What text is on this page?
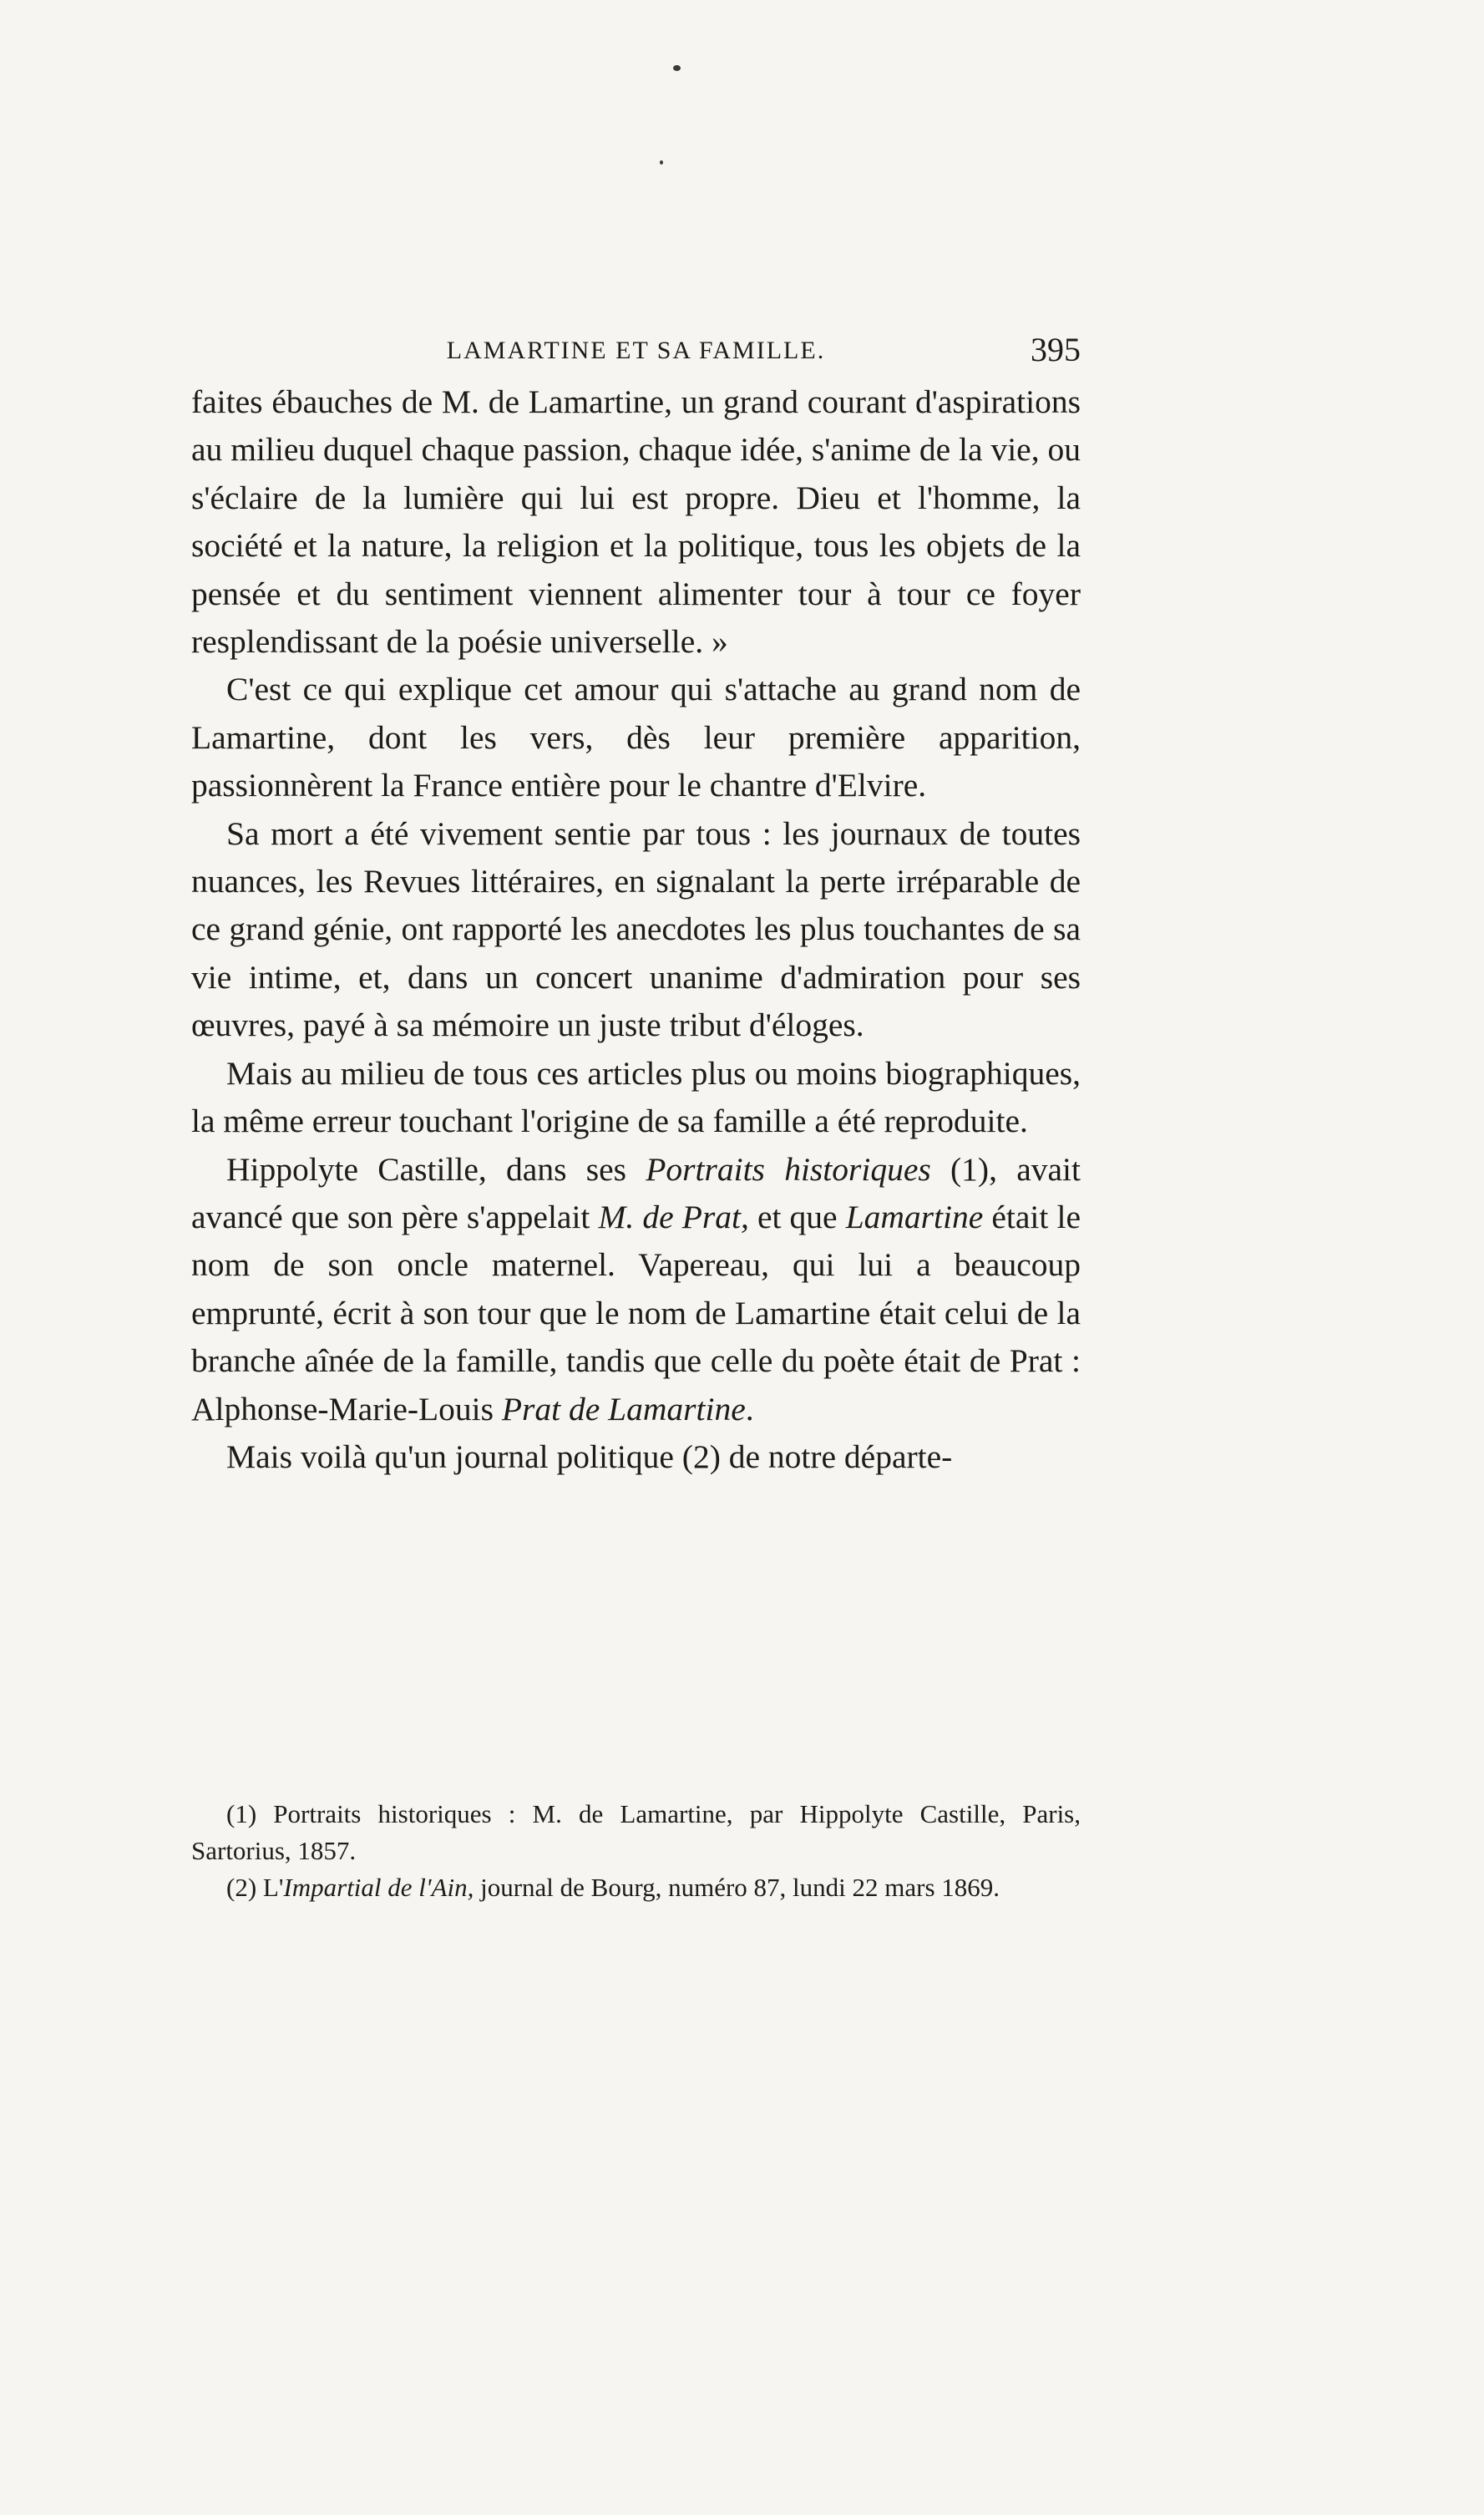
LAMARTINE ET SA FAMILLE.	395

faites ébauches de M. de Lamartine, un grand courant d'aspirations au milieu duquel chaque passion, chaque idée, s'anime de la vie, ou s'éclaire de la lumière qui lui est propre. Dieu et l'homme, la société et la nature, la religion et la politique, tous les objets de la pensée et du sentiment viennent alimenter tour à tour ce foyer resplendissant de la poésie universelle. »

C'est ce qui explique cet amour qui s'attache au grand nom de Lamartine, dont les vers, dès leur première apparition, passionnèrent la France entière pour le chantre d'Elvire.

Sa mort a été vivement sentie par tous : les journaux de toutes nuances, les Revues littéraires, en signalant la perte irréparable de ce grand génie, ont rapporté les anecdotes les plus touchantes de sa vie intime, et, dans un concert unanime d'admiration pour ses œuvres, payé à sa mémoire un juste tribut d'éloges.

Mais au milieu de tous ces articles plus ou moins biographiques, la même erreur touchant l'origine de sa famille a été reproduite.

Hippolyte Castille, dans ses Portraits historiques (1), avait avancé que son père s'appelait M. de Prat, et que Lamartine était le nom de son oncle maternel. Vapereau, qui lui a beaucoup emprunté, écrit à son tour que le nom de Lamartine était celui de la branche aînée de la famille, tandis que celle du poète était de Prat : Alphonse-Marie-Louis Prat de Lamartine.

Mais voilà qu'un journal politique (2) de notre départe-

(1) Portraits historiques : M. de Lamartine, par Hippolyte Castille, Paris, Sartorius, 1857.

(2) L'Impartial de l'Ain, journal de Bourg, numéro 87, lundi 22 mars 1869.
